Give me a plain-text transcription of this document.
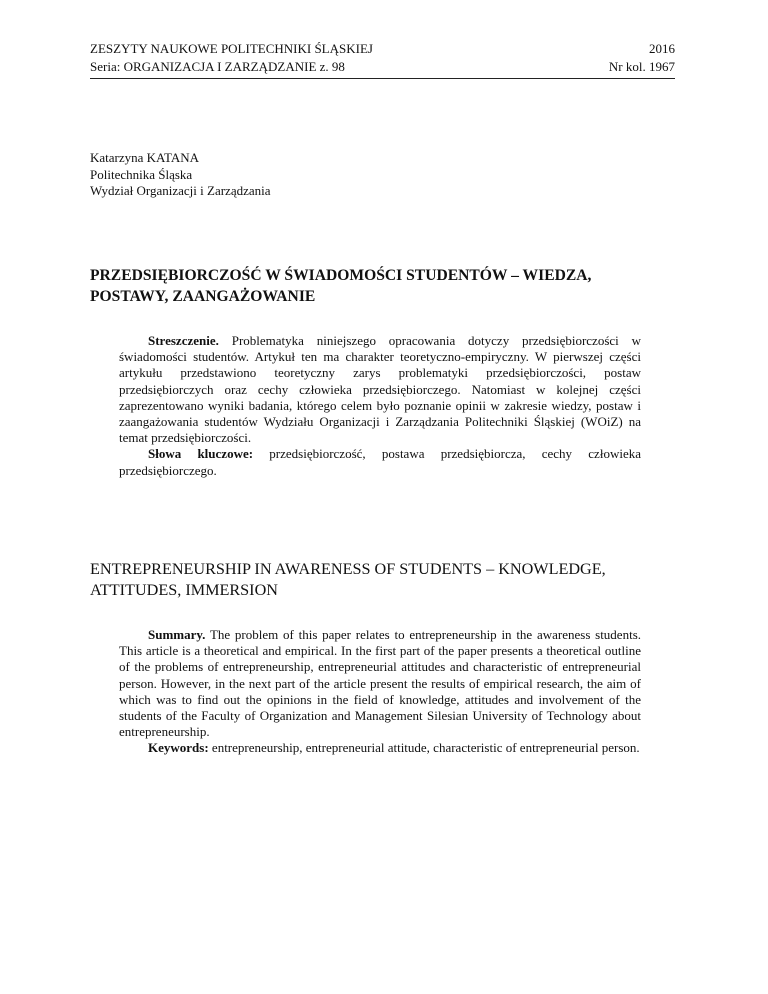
ZESZYTY NAUKOWE POLITECHNIKI ŚLĄSKIEJ	2016
Seria: ORGANIZACJA I ZARZĄDZANIE z. 98	Nr kol. 1967
Katarzyna KATANA
Politechnika Śląska
Wydział Organizacji i Zarządzania
PRZEDSIĘBIORCZOŚĆ W ŚWIADOMOŚCI STUDENTÓW – WIEDZA,
POSTAWY, ZAANGAŻOWANIE

Streszczenie. Problematyka niniejszego opracowania dotyczy przedsiębiorczości w świadomości studentów. Artykuł ten ma charakter teoretyczno-empiryczny. W pierwszej części artykułu przedstawiono teoretyczny zarys problematyki przedsiębiorczości, postaw przedsiębiorczych oraz cechy człowieka przedsiębiorczego. Natomiast w kolejnej części zaprezentowano wyniki badania, którego celem było poznanie opinii w zakresie wiedzy, postaw i zaangażowania studentów Wydziału Organizacji i Zarządzania Politechniki Śląskiej (WOiZ) na temat przedsiębiorczości.

Słowa kluczowe: przedsiębiorczość, postawa przedsiębiorcza, cechy człowieka przedsiębiorczego.

ENTREPRENEURSHIP IN AWARENESS OF STUDENTS – KNOWLEDGE,
ATTITUDES, IMMERSION

Summary. The problem of this paper relates to entrepreneurship in the awareness students. This article is a theoretical and empirical. In the first part of the paper presents a theoretical outline of the problems of entrepreneurship, entrepreneurial attitudes and characteristic of entrepreneurial person. However, in the next part of the article present the results of empirical research, the aim of which was to find out the opinions in the field of knowledge, attitudes and involvement of the students of the Faculty of Organization and Management Silesian University of Technology about entrepreneurship.

Keywords: entrepreneurship, entrepreneurial attitude, characteristic of entrepreneurial person.
